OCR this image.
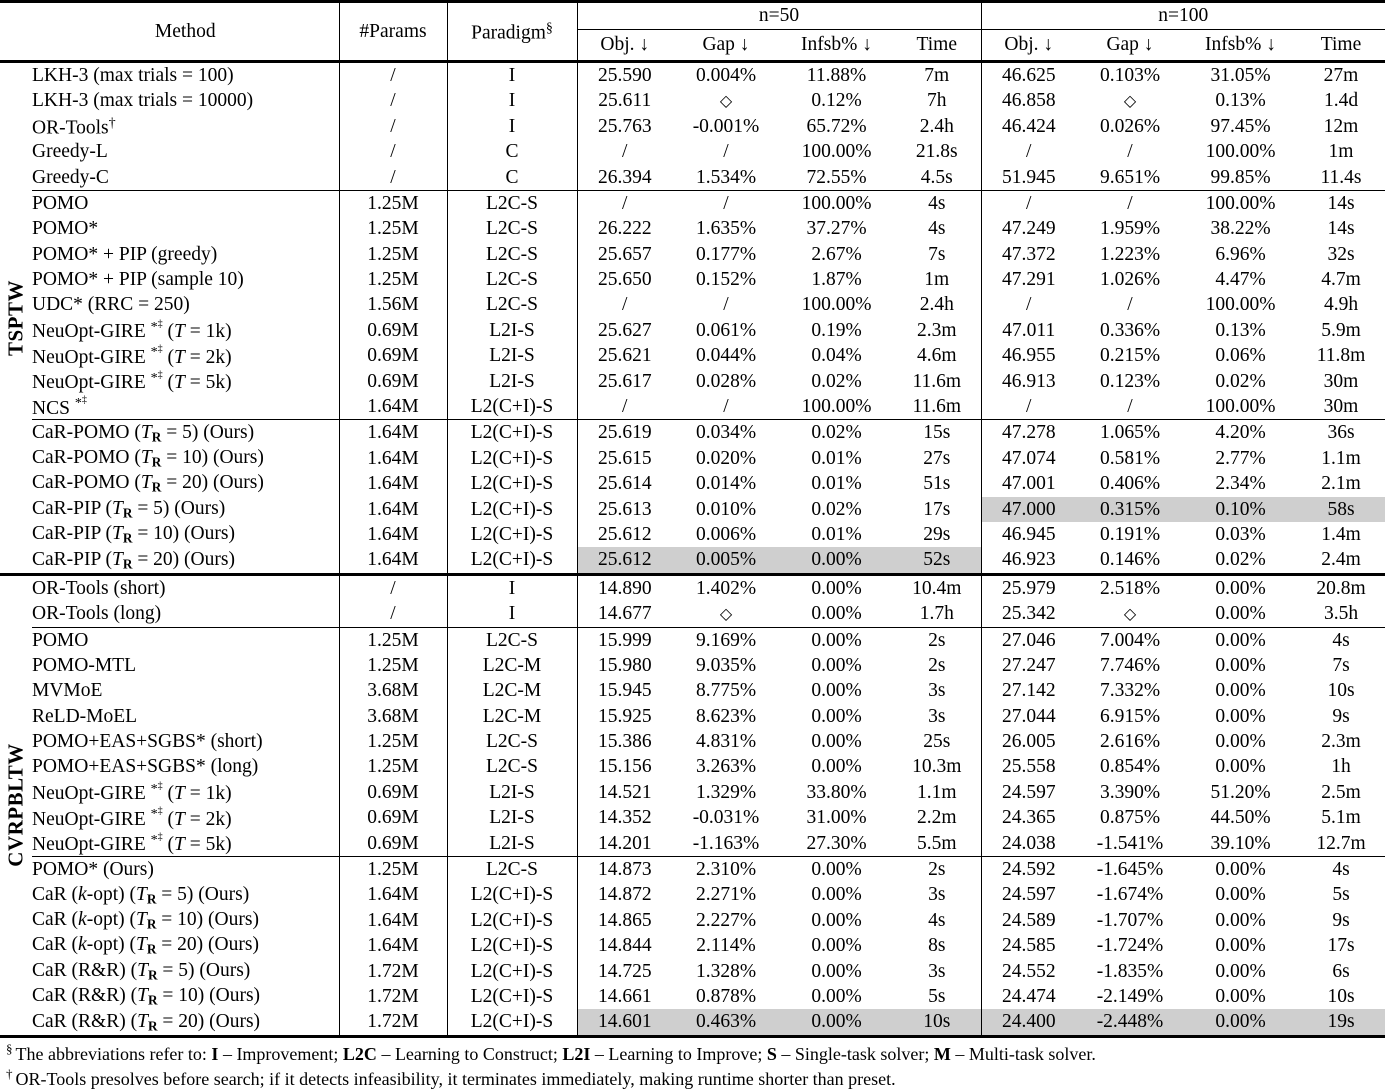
	Method	#Params	Paradigm§	n=50				n=100			
				Obj. ↓	Gap ↓	Infsb% ↓	Time	Obj. ↓	Gap ↓	Infsb% ↓	Time

TSPTW	LKH-3 (max trials = 100)	/	I	25.590	0.004%	11.88%	7m	46.625	0.103%	31.05%	27m
	LKH-3 (max trials = 10000)	/	I	25.611	◇	0.12%	7h	46.858	◇	0.13%	1.4d
	OR-Tools†	/	I	25.763	-0.001%	65.72%	2.4h	46.424	0.026%	97.45%	12m
	Greedy-L	/	C	/	/	100.00%	21.8s	/	/	100.00%	1m
	Greedy-C	/	C	26.394	1.534%	72.55%	4.5s	51.945	9.651%	99.85%	11.4s

	POMO	1.25M	L2C-S	/	/	100.00%	4s	/	/	100.00%	14s
	POMO*	1.25M	L2C-S	26.222	1.635%	37.27%	4s	47.249	1.959%	38.22%	14s
	POMO* + PIP (greedy)	1.25M	L2C-S	25.657	0.177%	2.67%	7s	47.372	1.223%	6.96%	32s
	POMO* + PIP (sample 10)	1.25M	L2C-S	25.650	0.152%	1.87%	1m	47.291	1.026%	4.47%	4.7m
	UDC* (RRC = 250)	1.56M	L2C-S	/	/	100.00%	2.4h	/	/	100.00%	4.9h
	NeuOpt-GIRE *‡ (T = 1k)	0.69M	L2I-S	25.627	0.061%	0.19%	2.3m	47.011	0.336%	0.13%	5.9m
	NeuOpt-GIRE *‡ (T = 2k)	0.69M	L2I-S	25.621	0.044%	0.04%	4.6m	46.955	0.215%	0.06%	11.8m
	NeuOpt-GIRE *‡ (T = 5k)	0.69M	L2I-S	25.617	0.028%	0.02%	11.6m	46.913	0.123%	0.02%	30m
	NCS *‡	1.64M	L2(C+I)-S	/	/	100.00%	11.6m	/	/	100.00%	30m

	CaR-POMO $(T_R = 5)$ (Ours)	1.64M	L2(C+I)-S	25.619	0.034%	0.02%	15s	47.278	1.065%	4.20%	36s
	CaR-POMO $(T_R = 10)$ (Ours)	1.64M	L2(C+I)-S	25.615	0.020%	0.01%	27s	47.074	0.581%	2.77%	1.1m
	CaR-POMO $(T_R = 20)$ (Ours)	1.64M	L2(C+I)-S	25.614	0.014%	0.01%	51s	47.001	0.406%	2.34%	2.1m
	CaR-PIP $(T_R = 5)$ (Ours)	1.64M	L2(C+I)-S	25.613	0.010%	0.02%	17s	47.000	0.315%	0.10%	58s
	CaR-PIP $(T_R = 10)$ (Ours)	1.64M	L2(C+I)-S	25.612	0.006%	0.01%	29s	46.945	0.191%	0.03%	1.4m
	CaR-PIP $(T_R = 20)$ (Ours)	1.64M	L2(C+I)-S	25.612	0.005%	0.00%	52s	46.923	0.146%	0.02%	2.4m

CVRPBLTW	OR-Tools (short)	/	I	14.890	1.402%	0.00%	10.4m	25.979	2.518%	0.00%	20.8m
	OR-Tools (long)	/	I	14.677	◇	0.00%	1.7h	25.342	◇	0.00%	3.5h

	POMO	1.25M	L2C-S	15.999	9.169%	0.00%	2s	27.046	7.004%	0.00%	4s
	POMO-MTL	1.25M	L2C-M	15.980	9.035%	0.00%	2s	27.247	7.746%	0.00%	7s
	MVMoE	3.68M	L2C-M	15.945	8.775%	0.00%	3s	27.142	7.332%	0.00%	10s
	ReLD-MoEL	3.68M	L2C-M	15.925	8.623%	0.00%	3s	27.044	6.915%	0.00%	9s
	POMO+EAS+SGBS* (short)	1.25M	L2C-S	15.386	4.831%	0.00%	25s	26.005	2.616%	0.00%	2.3m
	POMO+EAS+SGBS* (long)	1.25M	L2C-S	15.156	3.263%	0.00%	10.3m	25.558	0.854%	0.00%	1h
	NeuOpt-GIRE *‡ (T = 1k)	0.69M	L2I-S	14.521	1.329%	33.80%	1.1m	24.597	3.390%	51.20%	2.5m
	NeuOpt-GIRE *‡ (T = 2k)	0.69M	L2I-S	14.352	-0.031%	31.00%	2.2m	24.365	0.875%	44.50%	5.1m
	NeuOpt-GIRE *‡ (T = 5k)	0.69M	L2I-S	14.201	-1.163%	27.30%	5.5m	24.038	-1.541%	39.10%	12.7m

	POMO* (Ours)	1.25M	L2C-S	14.873	2.310%	0.00%	2s	24.592	-1.645%	0.00%	4s
	CaR (k-opt) $(T_R = 5)$ (Ours)	1.64M	L2(C+I)-S	14.872	2.271%	0.00%	3s	24.597	-1.674%	0.00%	5s
	CaR (k-opt) $(T_R = 10)$ (Ours)	1.64M	L2(C+I)-S	14.865	2.227%	0.00%	4s	24.589	-1.707%	0.00%	9s
	CaR (k-opt) $(T_R = 20)$ (Ours)	1.64M	L2(C+I)-S	14.844	2.114%	0.00%	8s	24.585	-1.724%	0.00%	17s
	CaR (R&R) $(T_R = 5)$ (Ours)	1.72M	L2(C+I)-S	14.725	1.328%	0.00%	3s	24.552	-1.835%	0.00%	6s
	CaR (R&R) $(T_R = 10)$ (Ours)	1.72M	L2(C+I)-S	14.661	0.878%	0.00%	5s	24.474	-2.149%	0.00%	10s
	CaR (R&R) $(T_R = 20)$ (Ours)	1.72M	L2(C+I)-S	14.601	0.463%	0.00%	10s	24.400	-2.448%	0.00%	19s

§ The abbreviations refer to: I – Improvement; L2C – Learning to Construct; L2I – Learning to Improve; S – Single-task solver; M – Multi-task solver.
† OR-Tools presolves before search; if it detects infeasibility, it terminates immediately, making runtime shorter than preset.
